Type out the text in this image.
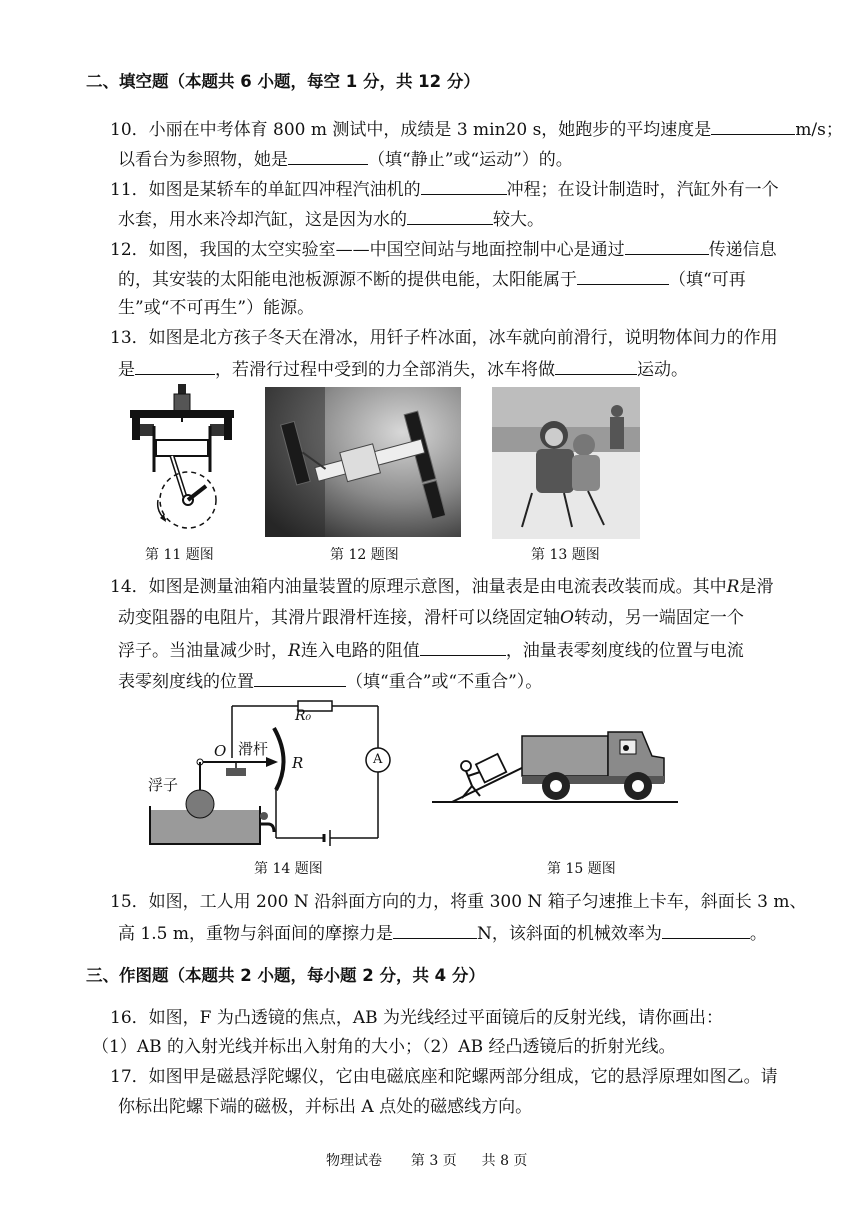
二、填空题（本题共 6 小题，每空 1 分，共 12 分）
10．小丽在中考体育 800 m 测试中，成绩是 3 min20 s，她跑步的平均速度是	m/s；
以看台为参照物，她是	（填“静止”或“运动”）的。
11．如图是某轿车的单缸四冲程汽油机的	冲程；在设计制造时，汽缸外有一个
水套，用水来冷却汽缸，这是因为水的	较大。
12．如图，我国的太空实验室——中国空间站与地面控制中心是通过	传递信息
的，其安装的太阳能电池板源源不断的提供电能，太阳能属于	（填“可再
生”或“不可再生”）能源。
13．如图是北方孩子冬天在滑冰，用钎子杵冰面，冰车就向前滑行，说明物体间力的作用
是	，若滑行过程中受到的力全部消失，冰车将做	运动。
第 11 题图	第 12 题图	第 13 题图
14．如图是测量油箱内油量装置的原理示意图，油量表是由电流表改装而成。其中R是滑
动变阻器的电阻片，其滑片跟滑杆连接，滑杆可以绕固定轴O转动，另一端固定一个
浮子。当油量减少时，R连入电路的阻值	，油量表零刻度线的位置与电流
表零刻度线的位置	（填“重合”或“不重合”）。
R₀
O 滑杆
R
浮子
A
第 14 题图	第 15 题图
15．如图，工人用 200 N 沿斜面方向的力，将重 300 N 箱子匀速推上卡车，斜面长 3 m、
高 1.5 m，重物与斜面间的摩擦力是	N，该斜面的机械效率为	。
三、作图题（本题共 2 小题，每小题 2 分，共 4 分）
16．如图，F 为凸透镜的焦点，AB 为光线经过平面镜后的反射光线，请你画出：
（1）AB 的入射光线并标出入射角的大小；（2）AB 经凸透镜后的折射光线。
17．如图甲是磁悬浮陀螺仪，它由电磁底座和陀螺两部分组成，它的悬浮原理如图乙。请
你标出陀螺下端的磁极，并标出 A 点处的磁感线方向。
物理试卷 第 3 页 共 8 页
